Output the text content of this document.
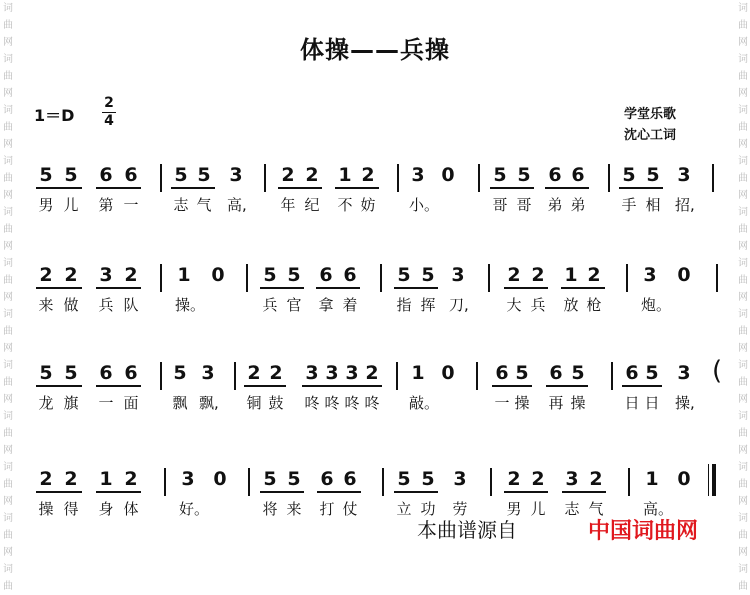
词
曲
网
词
曲
网
词
曲
网
词
曲
网
词
曲
网
词
曲
网
词
曲
网
词
曲
网
词
曲
网
词
曲
网
词
曲
网
词
曲
词
曲
网
词
曲
网
词
曲
网
词
曲
网
词
曲
网
词
曲
网
词
曲
网
词
曲
网
词
曲
网
词
曲
网
词
曲
网
词
曲
体操——兵操
1＝D
2
4	学堂乐歌
沈心工词
5 5 6 6 5 5 3 2 2 1 2 3 0 5 5 6 6 5 5 3
男 儿 第 一 志 气 高, 年 纪 不 妨 小。	哥 哥 弟 弟 手 相 招,
2 2 3 2 1 0 5 5 6 6 5 5 3 2 2 1 2 3 0
来 做 兵 队 操。	兵 官 拿 着	指 挥 刀,	大 兵 放 枪	炮。
5 5 6 6 5 3 2 2 3 3 3 2 1 0 6 5 6 5 6 5 3 (
龙 旗 一 面 飘 飘, 铜 鼓 咚 咚 咚 咚 敲。	一 操 再 操	日 日 操,
2 2 1 2 3 0 5 5 6 6 5 5 3 2 2 3 2 1 0
操 得 身 体	好。	将 来 打 仗	立 功 劳	男 儿 志 气	高。
本曲谱源自	中国词曲网
